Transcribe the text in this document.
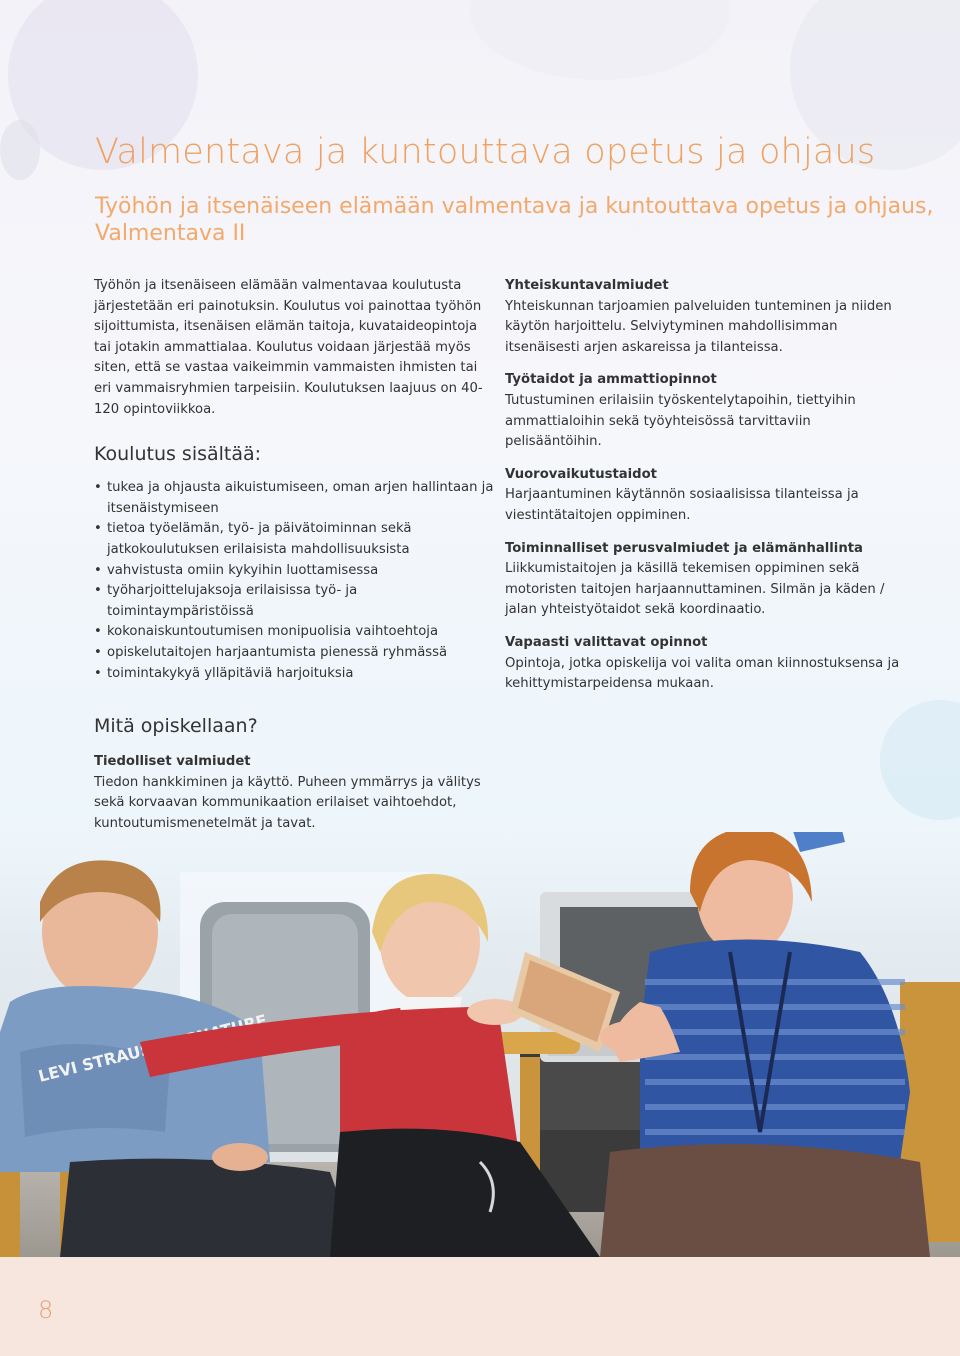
Valmentava ja kuntouttava opetus ja ohjaus
Työhön ja itsenäiseen elämään valmentava ja kuntouttava opetus ja ohjaus, Valmentava II

Työhön ja itsenäiseen elämään valmentavaa koulutusta järjestetään eri painotuksin. Koulutus voi painottaa työhön sijoittumista, itsenäisen elämän taitoja, kuvataideopintoja tai jotakin ammattialaa. Koulutus voidaan järjestää myös siten, että se vastaa vaikeimmin vammaisten ihmisten tai eri vammaisryhmien tarpeisiin. Koulutuksen laajuus on 40-120 opintoviikkoa.

Koulutus sisältää:
• tukea ja ohjausta aikuistumiseen, oman arjen hallintaan ja itsenäistymiseen
• tietoa työelämän, työ- ja päivätoiminnan sekä jatkokoulutuksen erilaisista mahdollisuuksista
• vahvistusta omiin kykyihin luottamisessa
• työharjoittelujaksoja erilaisissa työ- ja toimintaympäristöissä
• kokonaiskuntoutumisen monipuolisia vaihtoehtoja
• opiskelutaitojen harjaantumista pienessä ryhmässä
• toimintakykyä ylläpitäviä harjoituksia
Mitä opiskellaan?
Tiedolliset valmiudet

Tiedon hankkiminen ja käyttö. Puheen ymmärrys ja välitys sekä korvaavan kommunikaation erilaiset vaihtoehdot, kuntoutumismenetelmät ja tavat.

Yhteiskuntavalmiudet

Yhteiskunnan tarjoamien palveluiden tunteminen ja niiden käytön harjoittelu. Selviytyminen mahdollisimman itsenäisesti arjen askareissa ja tilanteissa.

Työtaidot ja ammattiopinnot

Tutustuminen erilaisiin työskentelytapoihin, tiettyihin ammattialoihin sekä työyhteisössä tarvittaviin pelisääntöihin.

Vuorovaikutustaidot

Harjaantuminen käytännön sosiaalisissa tilanteissa ja viestintätaitojen oppiminen.

Toiminnalliset perusvalmiudet ja elämänhallinta

Liikkumistaitojen ja käsillä tekemisen oppiminen sekä motoristen taitojen harjaannuttaminen. Silmän ja käden / jalan yhteistyötaidot sekä koordinaatio.

Vapaasti valittavat opinnot

Opintoja, jotka opiskelija voi valita oman kiinnostuksensa ja kehittymistarpeidensa mukaan.

LEVI STRAUSS
8
